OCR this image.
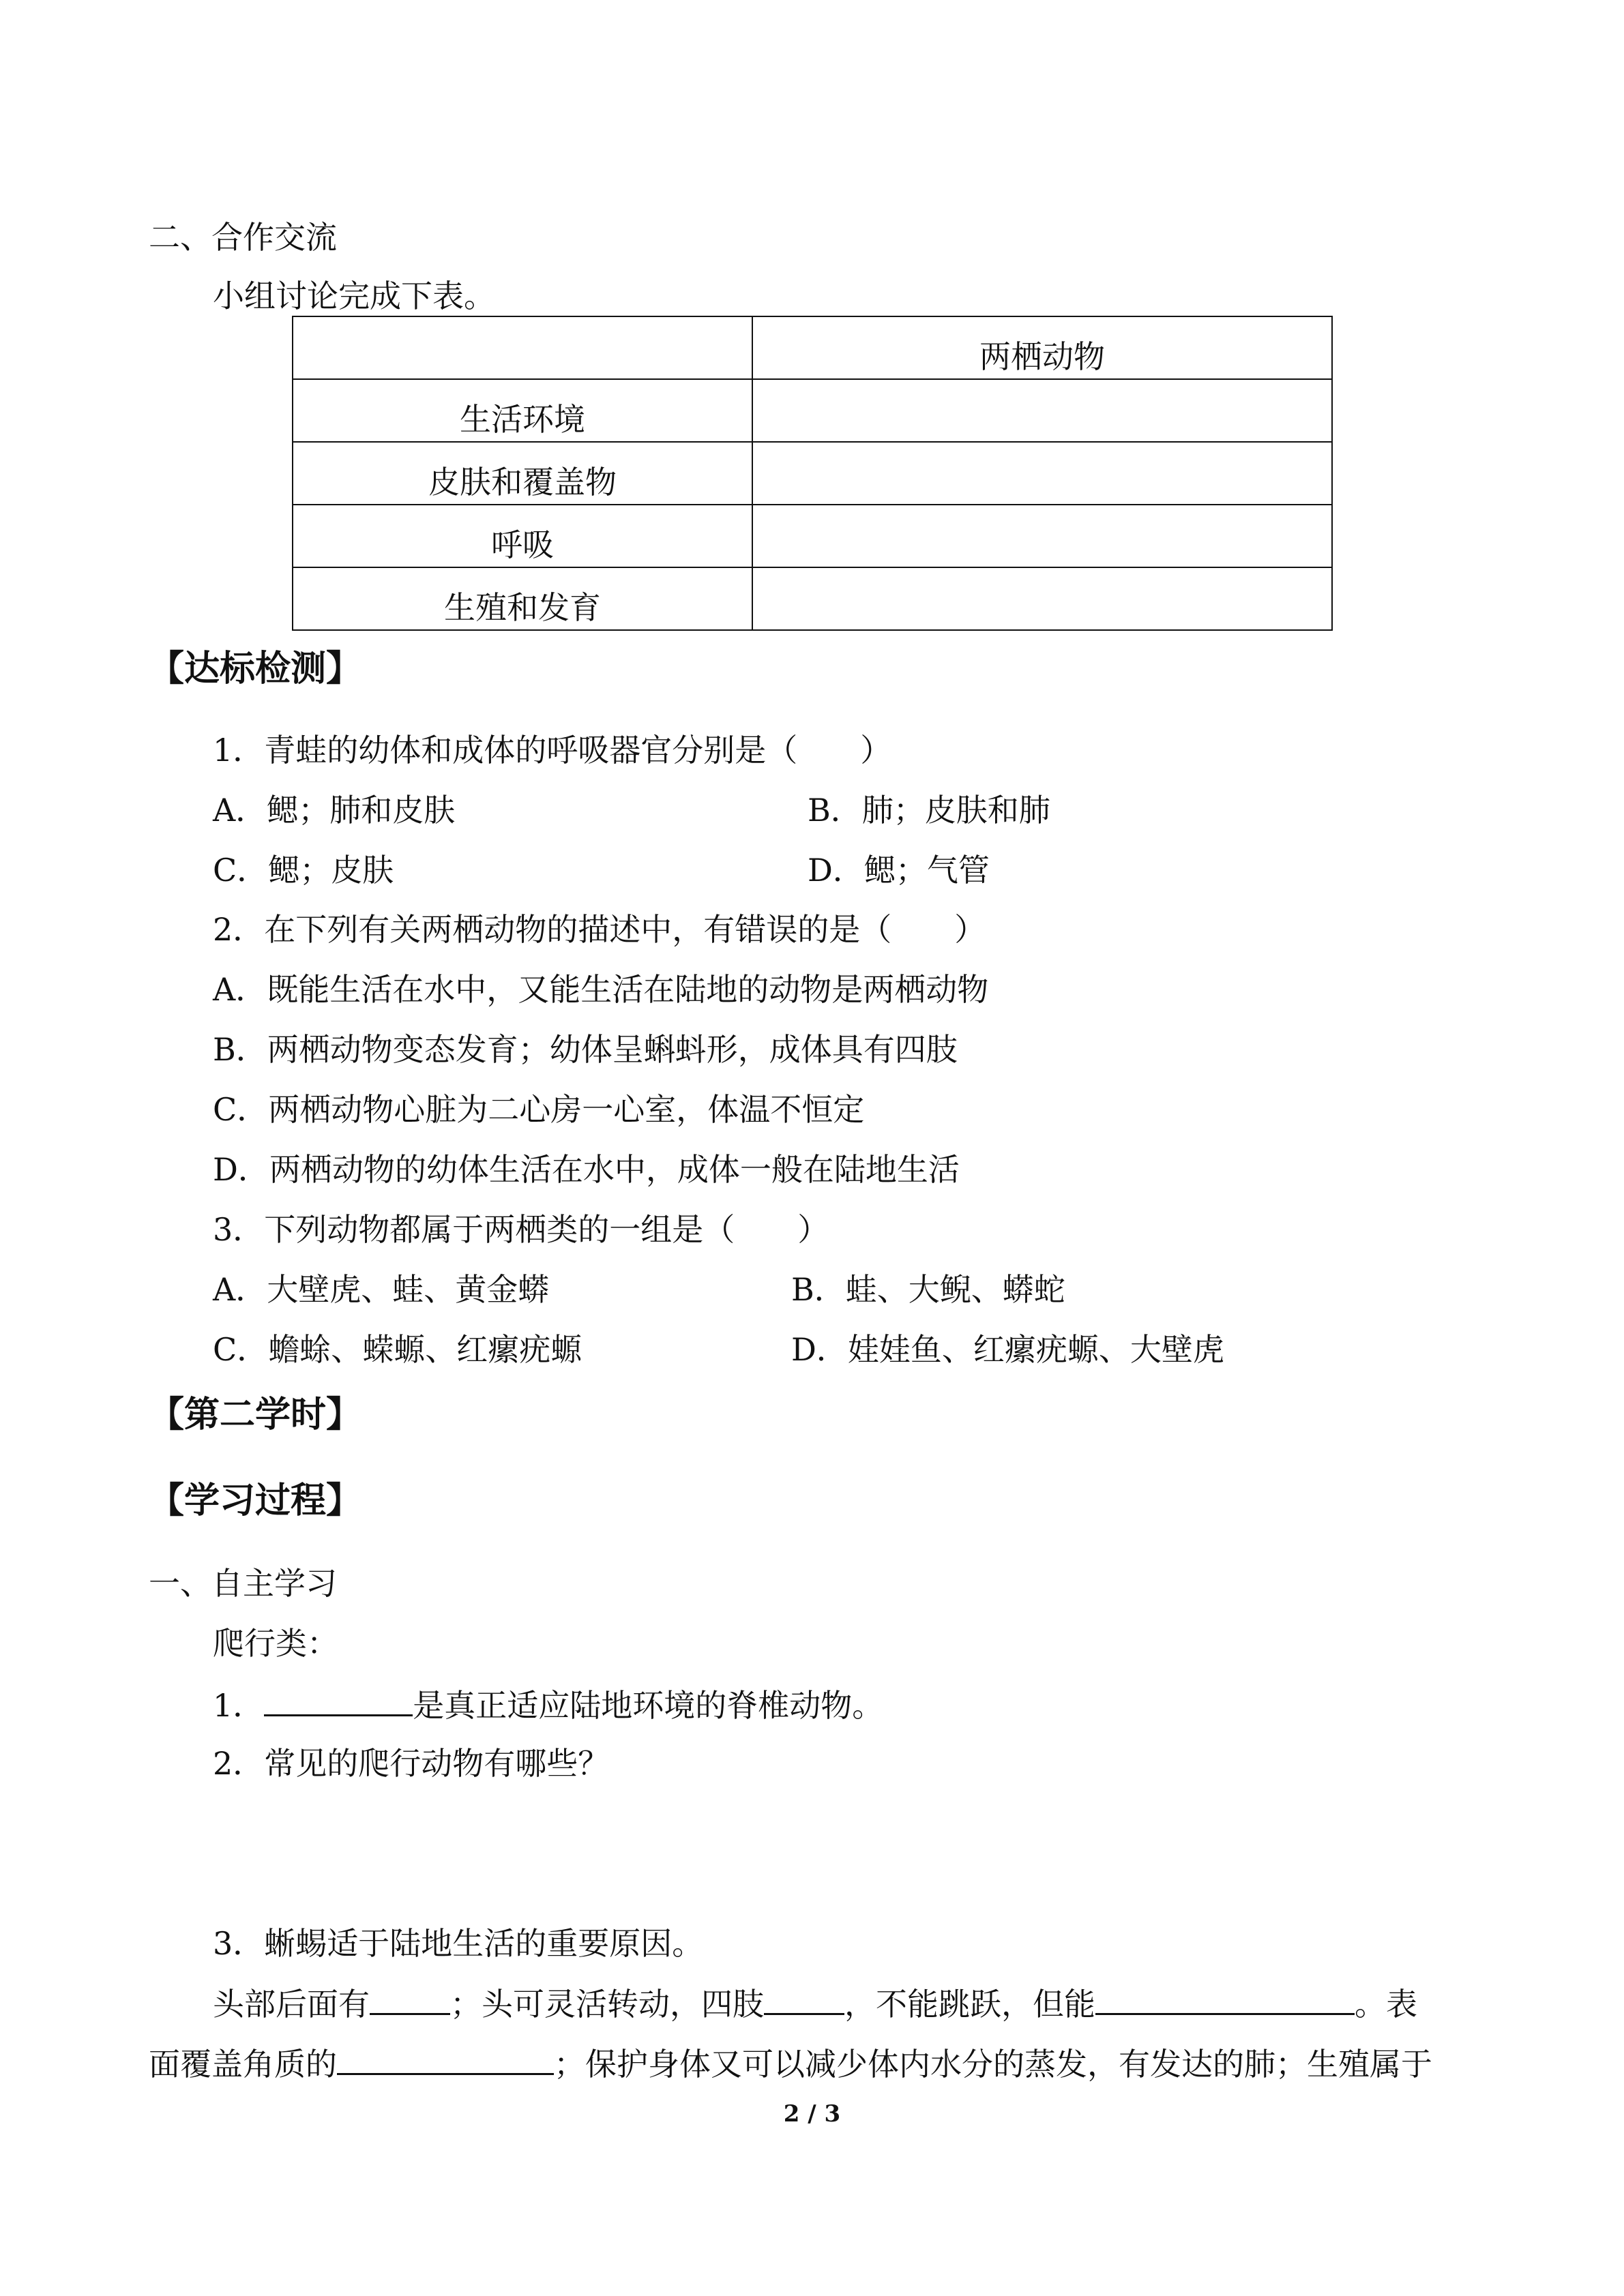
二、合作交流
小组讨论完成下表。
	两栖动物
生活环境	
皮肤和覆盖物	
呼吸	
生殖和发育	
【达标检测】
1．青蛙的幼体和成体的呼吸器官分别是（　　）
A．鳃；肺和皮肤	B．肺；皮肤和肺
C．鳃；皮肤	D．鳃；气管
2．在下列有关两栖动物的描述中，有错误的是（　　）
A．既能生活在水中，又能生活在陆地的动物是两栖动物
B．两栖动物变态发育；幼体呈蝌蚪形，成体具有四肢
C．两栖动物心脏为二心房一心室，体温不恒定
D．两栖动物的幼体生活在水中，成体一般在陆地生活
3．下列动物都属于两栖类的一组是（　　）
A．大壁虎、蛙、黄金蟒	B．蛙、大鲵、蟒蛇
C．蟾蜍、蝾螈、红瘰疣螈	D．娃娃鱼、红瘰疣螈、大壁虎
【第二学时】
【学习过程】
一、自主学习
爬行类：
1．	是真正适应陆地环境的脊椎动物。
2．常见的爬行动物有哪些？
3．蜥蜴适于陆地生活的重要原因。
头部后面有	；头可灵活转动，四肢	，不能跳跃，但能	。表
面覆盖角质的	；保护身体又可以减少体内水分的蒸发，有发达的肺；生殖属于
2 / 3
